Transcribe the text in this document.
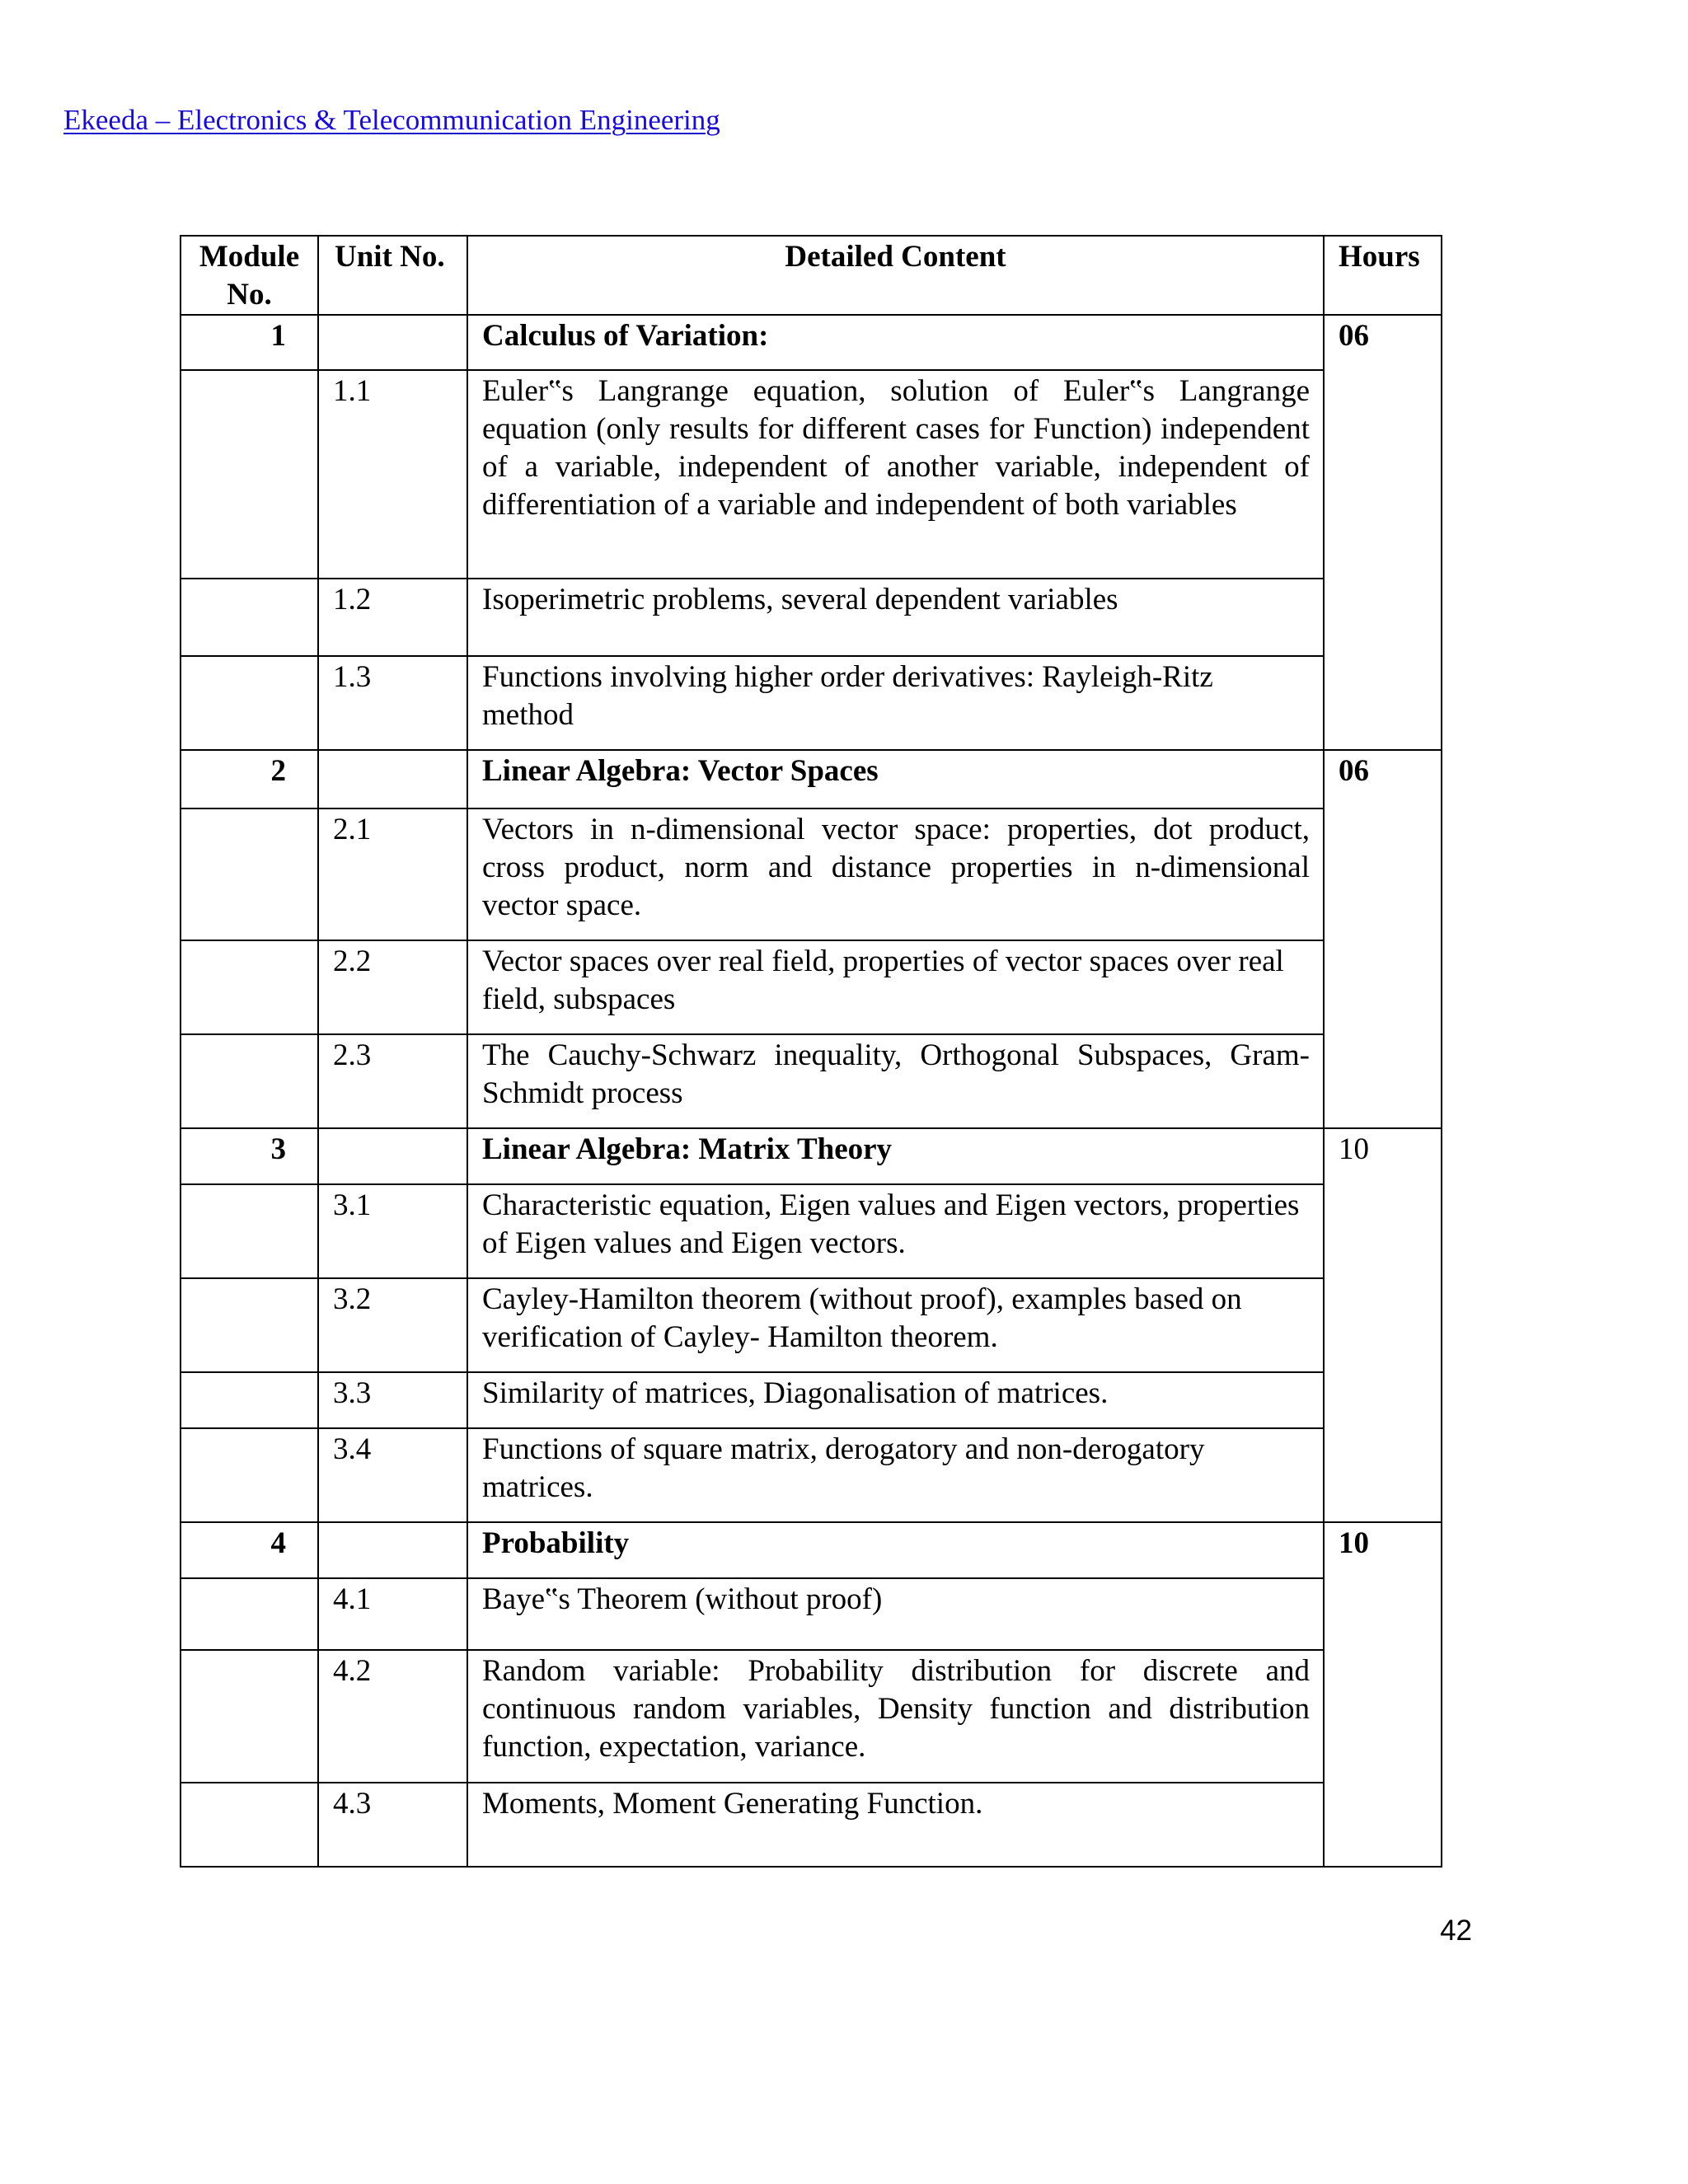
Ekeeda – Electronics & Telecommunication Engineering
Module No.	Unit No.	Detailed Content	Hours
1		Calculus of Variation:	06
	1.1	Euler‟s Langrange equation, solution of Euler‟s Langrange equation (only results for different cases for Function) independent of a variable, independent of another variable, independent of differentiation of a variable and independent of both variables	
	1.2	Isoperimetric problems, several dependent variables	
	1.3	Functions involving higher order derivatives: Rayleigh-Ritz method	
2		Linear Algebra: Vector Spaces	06
	2.1	Vectors in n-dimensional vector space: properties, dot product, cross product, norm and distance properties in n-dimensional vector space.	
	2.2	Vector spaces over real field, properties of vector spaces over real field, subspaces	
	2.3	The Cauchy-Schwarz inequality, Orthogonal Subspaces, Gram-Schmidt process	
3		Linear Algebra: Matrix Theory	10
	3.1	Characteristic equation, Eigen values and Eigen vectors, properties of Eigen values and Eigen vectors.	
	3.2	Cayley-Hamilton theorem (without proof), examples based on verification of Cayley- Hamilton theorem.	
	3.3	Similarity of matrices, Diagonalisation of matrices.	
	3.4	Functions of square matrix, derogatory and non-derogatory matrices.	
4		Probability	10
	4.1	Baye‟s Theorem (without proof)	
	4.2	Random variable: Probability distribution for discrete and continuous random variables, Density function and distribution function, expectation, variance.	
	4.3	Moments, Moment Generating Function.	
42
